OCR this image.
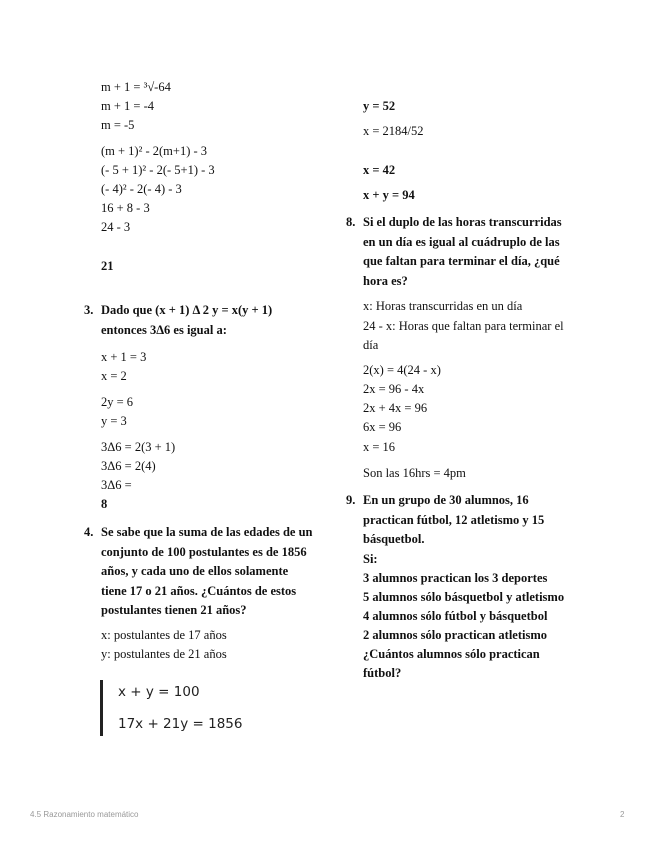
m + 1 = ³√-64
m + 1 = -4
m = -5
(m + 1)² - 2(m+1) - 3
(- 5 + 1)² - 2(- 5+1) - 3
(- 4)² - 2(- 4) - 3
16 + 8 - 3
24 - 3
21
3. Dado que (x + 1) Δ 2 y = x(y + 1) entonces 3Δ6 es igual a:
x + 1 = 3
x = 2
2y = 6
y = 3
3Δ6 = 2(3 + 1)
3Δ6 = 2(4)
3Δ6 =
8
4. Se sabe que la suma de las edades de un conjunto de 100 postulantes es de 1856 años, y cada uno de ellos solamente tiene 17 o 21 años. ¿Cuántos de estos postulantes tienen 21 años?
x: postulantes de 17 años
y: postulantes de 21 años
x + y = 100
17x + 21y = 1856
y = 52
x = 2184/52
x = 42
x + y = 94
8. Si el duplo de las horas transcurridas en un día es igual al cuádruplo de las que faltan para terminar el día, ¿qué hora es?
x: Horas transcurridas en un día
24 - x: Horas que faltan para terminar el día
2(x) = 4(24 - x)
2x = 96 - 4x
2x + 4x = 96
6x = 96
x = 16
Son las 16hrs = 4pm
9. En un grupo de 30 alumnos, 16 practican fútbol, 12 atletismo y 15 básquetbol.
Si:
3 alumnos practican los 3 deportes
5 alumnos sólo básquetbol y atletismo
4 alumnos sólo fútbol y básquetbol
2 alumnos sólo practican atletismo
¿Cuántos alumnos sólo practican
fútbol?
4.5 Razonamiento matemático	2
